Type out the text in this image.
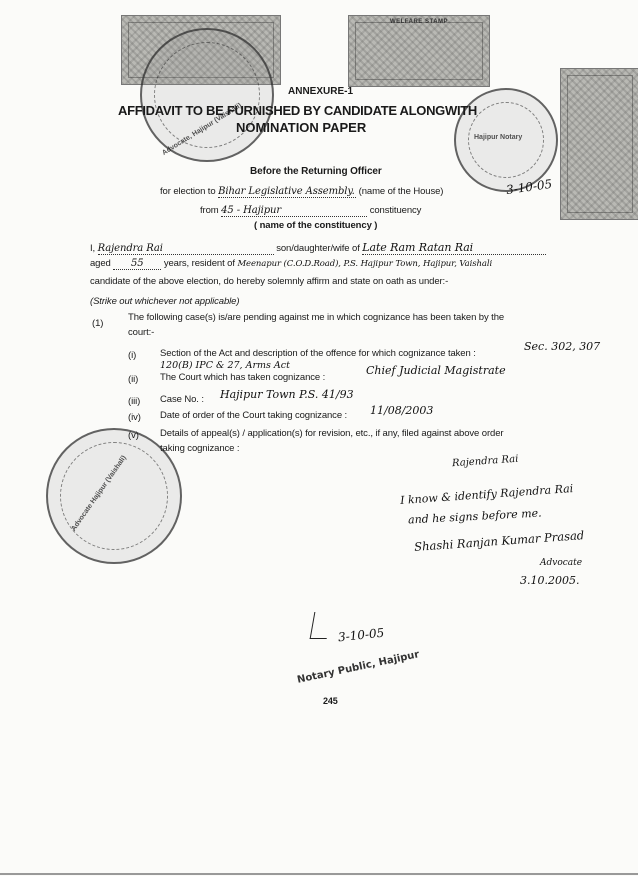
WELFARE STAMP
Advocate, Hajipur (Vaishali)	Hajipur Notary
Advocate Hajipur (Vaishali)
ANNEXURE-1
AFFIDAVIT TO BE FURNISHED BY CANDIDATE ALONGWITH
NOMINATION PAPER
Before the Returning Officer
for election to Bihar Legislative Assembly. (name of the House)
from 45 - Hajipur	constituency
( name of the constituency )
3-10-05
I, Rajendra Rai	son/daughter/wife of Late Ram Ratan Rai
aged 55 years, resident of Meenapur (C.O.D.Road), P.S. Hajipur Town, Hajipur, Vaishali
candidate of the above election, do hereby solemnly affirm and state on oath as under:-
(Strike out whichever not applicable)
(1)
The following case(s) is/are pending against me in which cognizance has been taken by the
court:-
(i)	Section of the Act and description of the offence for which cognizance taken :
Sec. 302, 307
120(B) IPC & 27, Arms Act
(ii) The Court which has taken cognizance :
Chief Judicial Magistrate
(iii) Case No. : Hajipur Town P.S. 41/93
(iv) Date of order of the Court taking cognizance : 11/08/2003
(v) Details of appeal(s) / application(s) for revision, etc., if any, filed against above order
taking cognizance :
Rajendra Rai
I know & identify Rajendra Rai
and he signs before me.
Shashi Ranjan Kumar Prasad
Advocate
3.10.2005.
3-10-05
Notary Public, Hajipur
245
